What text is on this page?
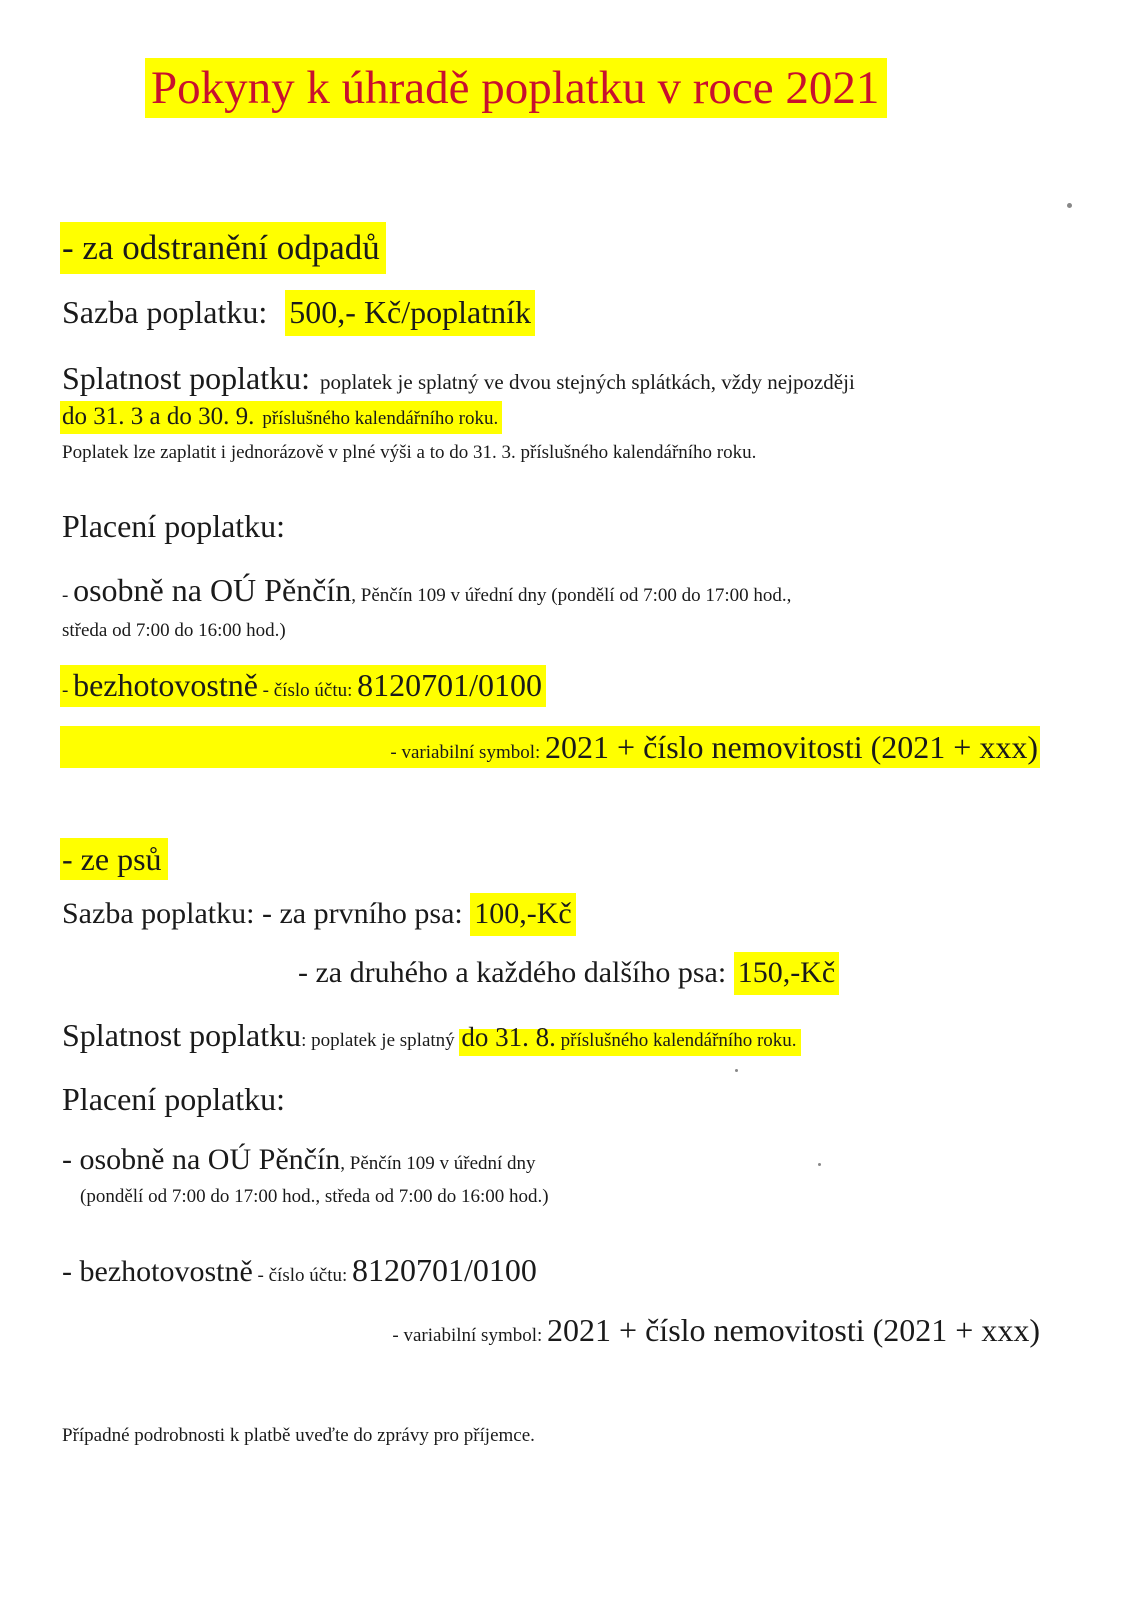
Pokyny k úhradě poplatku v roce 2021
- za odstranění odpadů
Sazba poplatku: 500,- Kč/poplatník
Splatnost poplatku: poplatek je splatný ve dvou stejných splátkách, vždy nejpozději
do 31. 3 a do 30. 9. příslušného kalendářního roku.
Poplatek lze zaplatit i jednorázově v plné výši a to do 31. 3. příslušného kalendářního roku.
Placení poplatku:
- osobně na OÚ Pěnčín, Pěnčín 109 v úřední dny (pondělí od 7:00 do 17:00 hod.,
středa od 7:00 do 16:00 hod.)
- bezhotovostně - číslo účtu: 8120701/0100
- variabilní symbol: 2021 + číslo nemovitosti (2021 + xxx)
- ze psů
Sazba poplatku: - za prvního psa: 100,-Kč
- za druhého a každého dalšího psa: 150,-Kč
Splatnost poplatku: poplatek je splatný do 31. 8. příslušného kalendářního roku.
Placení poplatku:
- osobně na OÚ Pěnčín, Pěnčín 109 v úřední dny
(pondělí od 7:00 do 17:00 hod., středa od 7:00 do 16:00 hod.)
- bezhotovostně - číslo účtu: 8120701/0100
- variabilní symbol: 2021 + číslo nemovitosti (2021 + xxx)
Případné podrobnosti k platbě uveďte do zprávy pro příjemce.
